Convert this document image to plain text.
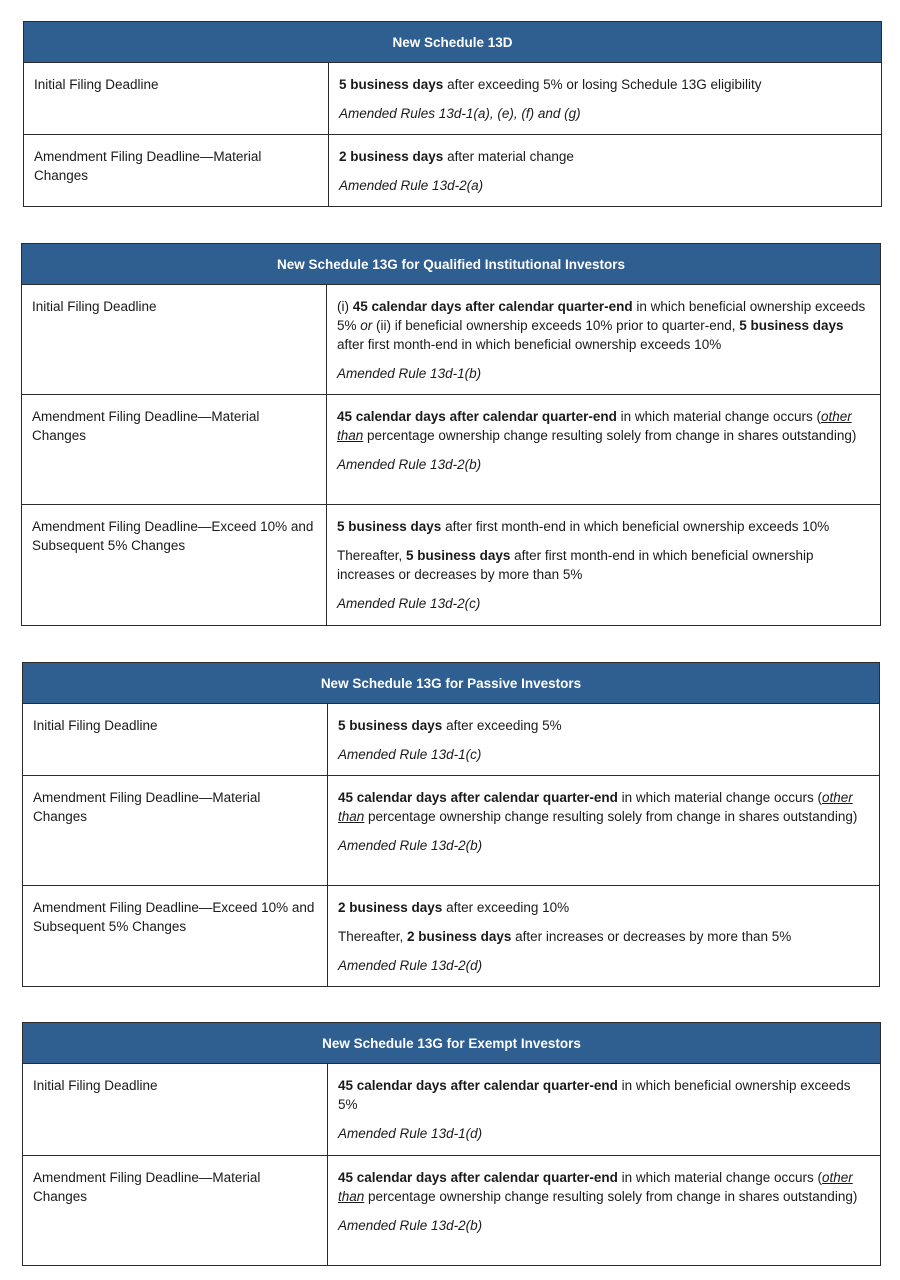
New Schedule 13D	
Initial Filing Deadline	5 business days after exceeding 5% or losing Schedule 13G eligibility

Amended Rules 13d-1(a), (e), (f) and (g)

Amendment Filing Deadline—Material Changes	2 business days after material change

Amended Rule 13d-2(a)

New Schedule 13G for Qualified Institutional Investors	
Initial Filing Deadline	(i) 45 calendar days after calendar quarter-end in which beneficial ownership exceeds 5% or (ii) if beneficial ownership exceeds 10% prior to quarter-end, 5 business days after first month-end in which beneficial ownership exceeds 10%

Amended Rule 13d-1(b)

Amendment Filing Deadline—Material Changes	45 calendar days after calendar quarter-end in which material change occurs (other than percentage ownership change resulting solely from change in shares outstanding)

Amended Rule 13d-2(b)

Amendment Filing Deadline—Exceed 10% and Subsequent 5% Changes	5 business days after first month-end in which beneficial ownership exceeds 10%

Thereafter, 5 business days after first month-end in which beneficial ownership increases or decreases by more than 5%

Amended Rule 13d-2(c)

New Schedule 13G for Passive Investors	
Initial Filing Deadline	5 business days after exceeding 5%

Amended Rule 13d-1(c)

Amendment Filing Deadline—Material Changes	45 calendar days after calendar quarter-end in which material change occurs (other than percentage ownership change resulting solely from change in shares outstanding)

Amended Rule 13d-2(b)

Amendment Filing Deadline—Exceed 10% and Subsequent 5% Changes	2 business days after exceeding 10%

Thereafter, 2 business days after increases or decreases by more than 5%

Amended Rule 13d-2(d)

New Schedule 13G for Exempt Investors	
Initial Filing Deadline	45 calendar days after calendar quarter-end in which beneficial ownership exceeds 5%

Amended Rule 13d-1(d)

Amendment Filing Deadline—Material Changes	45 calendar days after calendar quarter-end in which material change occurs (other than percentage ownership change resulting solely from change in shares outstanding)

Amended Rule 13d-2(b)
